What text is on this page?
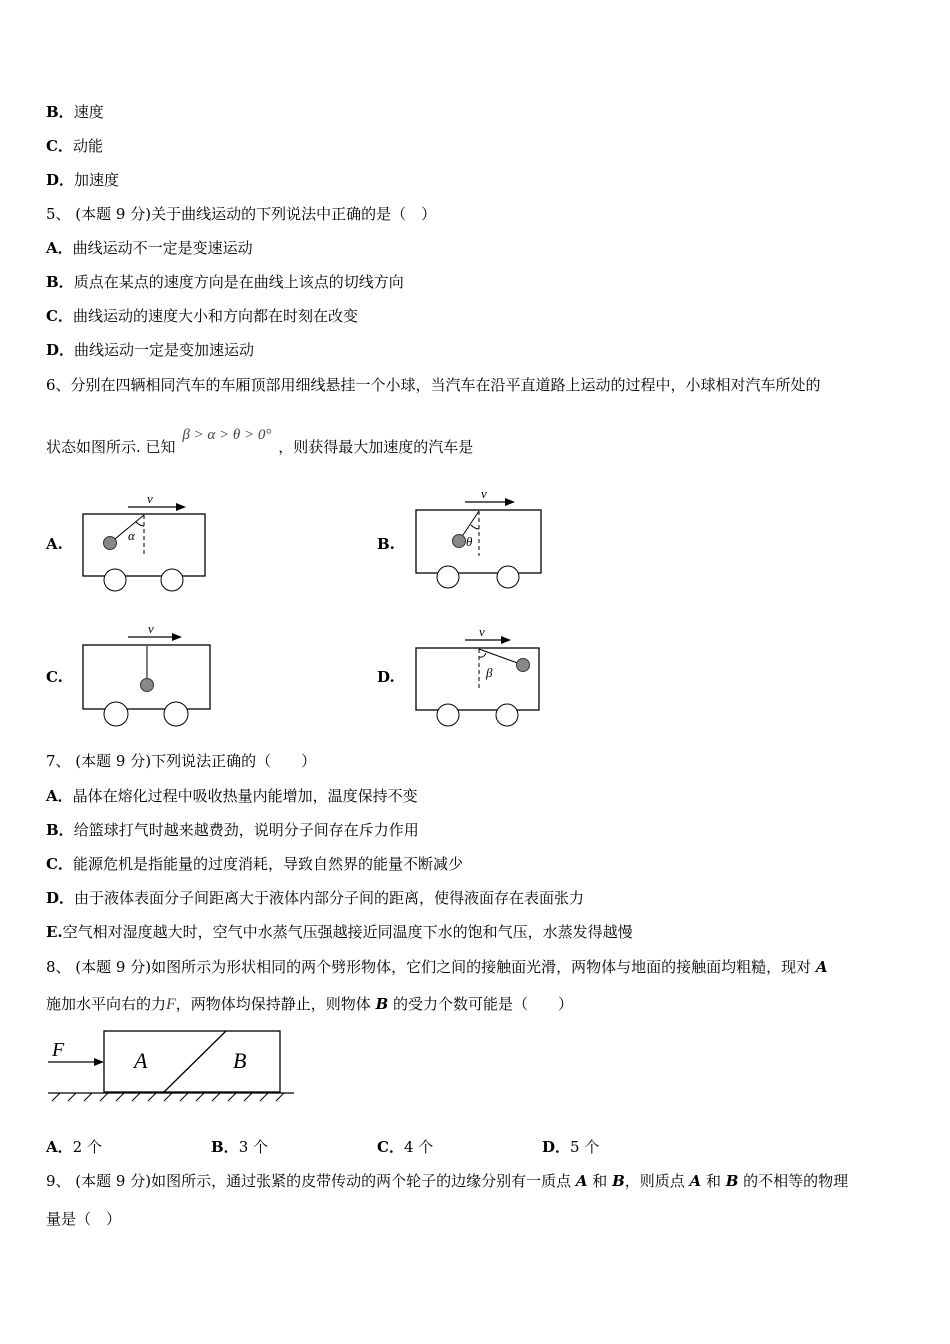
B．速度
C．动能
D．加速度
5、 (本题 9 分)关于曲线运动的下列说法中正确的是（　）
A．曲线运动不一定是变速运动
B．质点在某点的速度方向是在曲线上该点的切线方向
C．曲线运动的速度大小和方向都在时刻在改变
D．曲线运动一定是变加速运动
6、分别在四辆相同汽车的车厢顶部用细线悬挂一个小球，当汽车在沿平直道路上运动的过程中，小球相对汽车所处的
状态如图所示. 已知 β > α > θ > 0° ，则获得最大加速度的汽车是
A.
v
α	B.
v
θ
C.
v
D.
v
β
7、 (本题 9 分)下列说法正确的（　　）
A．晶体在熔化过程中吸收热量内能增加，温度保持不变
B．给篮球打气时越来越费劲，说明分子间存在斥力作用
C．能源危机是指能量的过度消耗，导致自然界的能量不断减少
D．由于液体表面分子间距离大于液体内部分子间的距离，使得液面存在表面张力
E.空气相对湿度越大时，空气中水蒸气压强越接近同温度下水的饱和气压，水蒸发得越慢
8、 (本题 9 分)如图所示为形状相同的两个劈形物体，它们之间的接触面光滑，两物体与地面的接触面均粗糙，现对 A
施加水平向右的力F，两物体均保持静止，则物体 B 的受力个数可能是（　　）
F	A	B
A．2 个	B．3 个	C．4 个	D．5 个
9、 (本题 9 分)如图所示，通过张紧的皮带传动的两个轮子的边缘分别有一质点 A 和 B，则质点 A 和 B 的不相等的物理
量是（　）
